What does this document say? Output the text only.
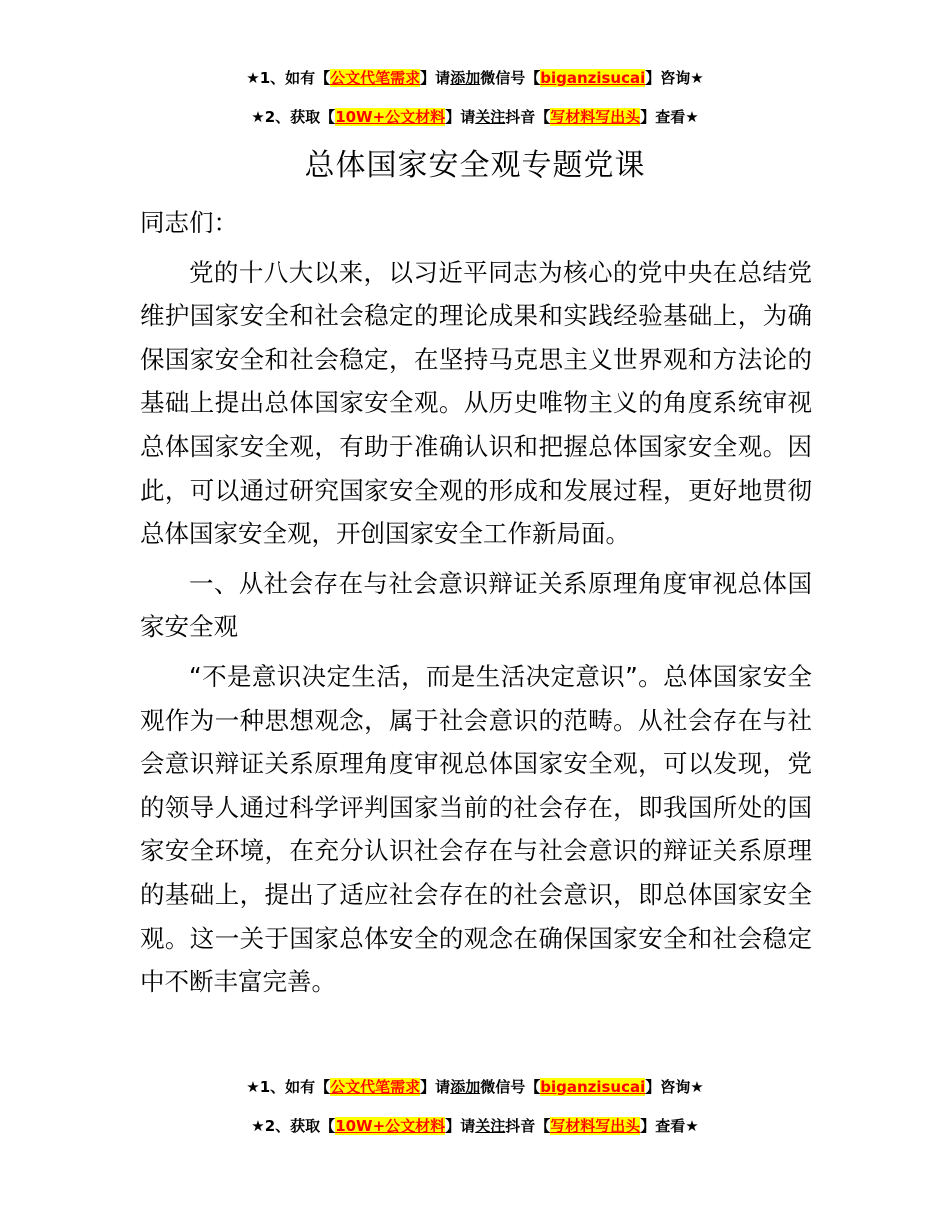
★1、如有【公文代笔需求】请添加微信号【biganzisucai】咨询★
★2、获取【10W+公文材料】请关注抖音【写材料写出头】查看★
总体国家安全观专题党课

同志们：

党的十八大以来，以习近平同志为核心的党中央在总结党维护国家安全和社会稳定的理论成果和实践经验基础上，为确保国家安全和社会稳定，在坚持马克思主义世界观和方法论的基础上提出总体国家安全观。从历史唯物主义的角度系统审视总体国家安全观，有助于准确认识和把握总体国家安全观。因此，可以通过研究国家安全观的形成和发展过程，更好地贯彻总体国家安全观，开创国家安全工作新局面。

一、从社会存在与社会意识辩证关系原理角度审视总体国家安全观

“不是意识决定生活，而是生活决定意识”。总体国家安全观作为一种思想观念，属于社会意识的范畴。从社会存在与社会意识辩证关系原理角度审视总体国家安全观，可以发现，党的领导人通过科学评判国家当前的社会存在，即我国所处的国家安全环境，在充分认识社会存在与社会意识的辩证关系原理的基础上，提出了适应社会存在的社会意识，即总体国家安全观。这一关于国家总体安全的观念在确保国家安全和社会稳定中不断丰富完善。

★1、如有【公文代笔需求】请添加微信号【biganzisucai】咨询★
★2、获取【10W+公文材料】请关注抖音【写材料写出头】查看★
